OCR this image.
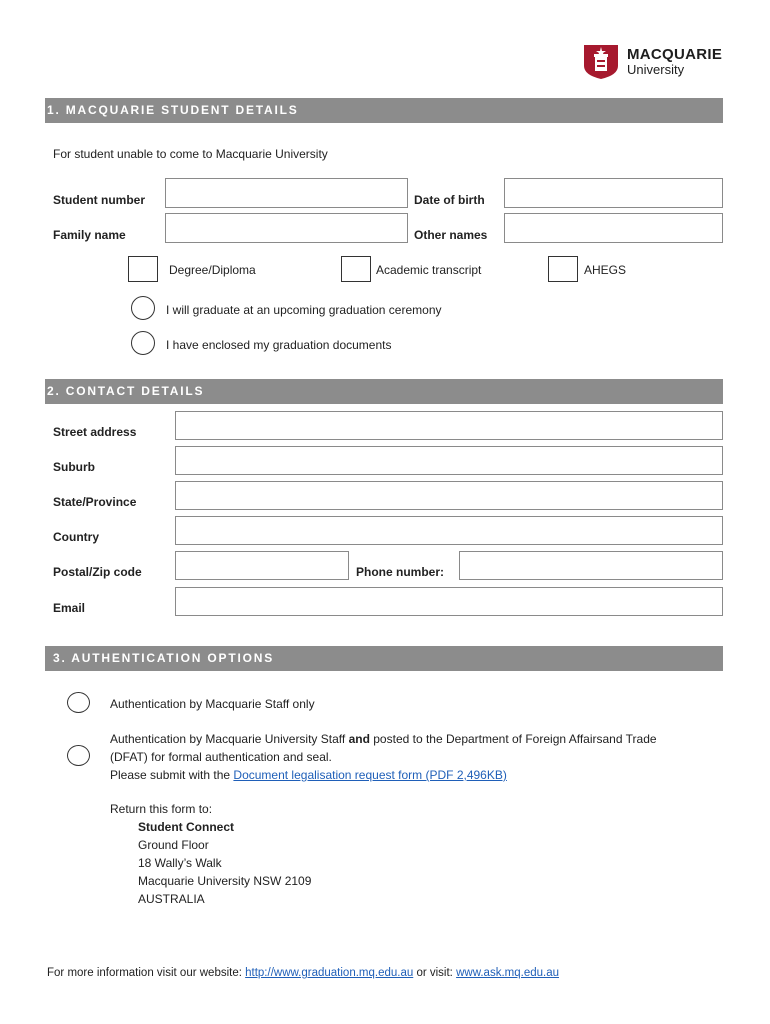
MACQUARIE
University
1. MACQUARIE STUDENT DETAILS
For student unable to come to Macquarie University
Student number	Date of birth
Family name	Other names
Degree/Diploma	Academic transcript	AHEGS
I will graduate at an upcoming graduation ceremony
I have enclosed my graduation documents
2. CONTACT DETAILS
Street address
Suburb
State/Province
Country
Postal/Zip code	Phone number:
Email
3. AUTHENTICATION OPTIONS
Authentication by Macquarie Staff only
Authentication by Macquarie University Staff and posted to the Department of Foreign Affairsand Trade
(DFAT) for formal authentication and seal.
Please submit with the Document legalisation request form (PDF 2,496KB)
Return this form to:
Student Connect
Ground Floor
18 Wally’s Walk
Macquarie University NSW 2109
AUSTRALIA
For more information visit our website: http://www.graduation.mq.edu.au or visit: www.ask.mq.edu.au
